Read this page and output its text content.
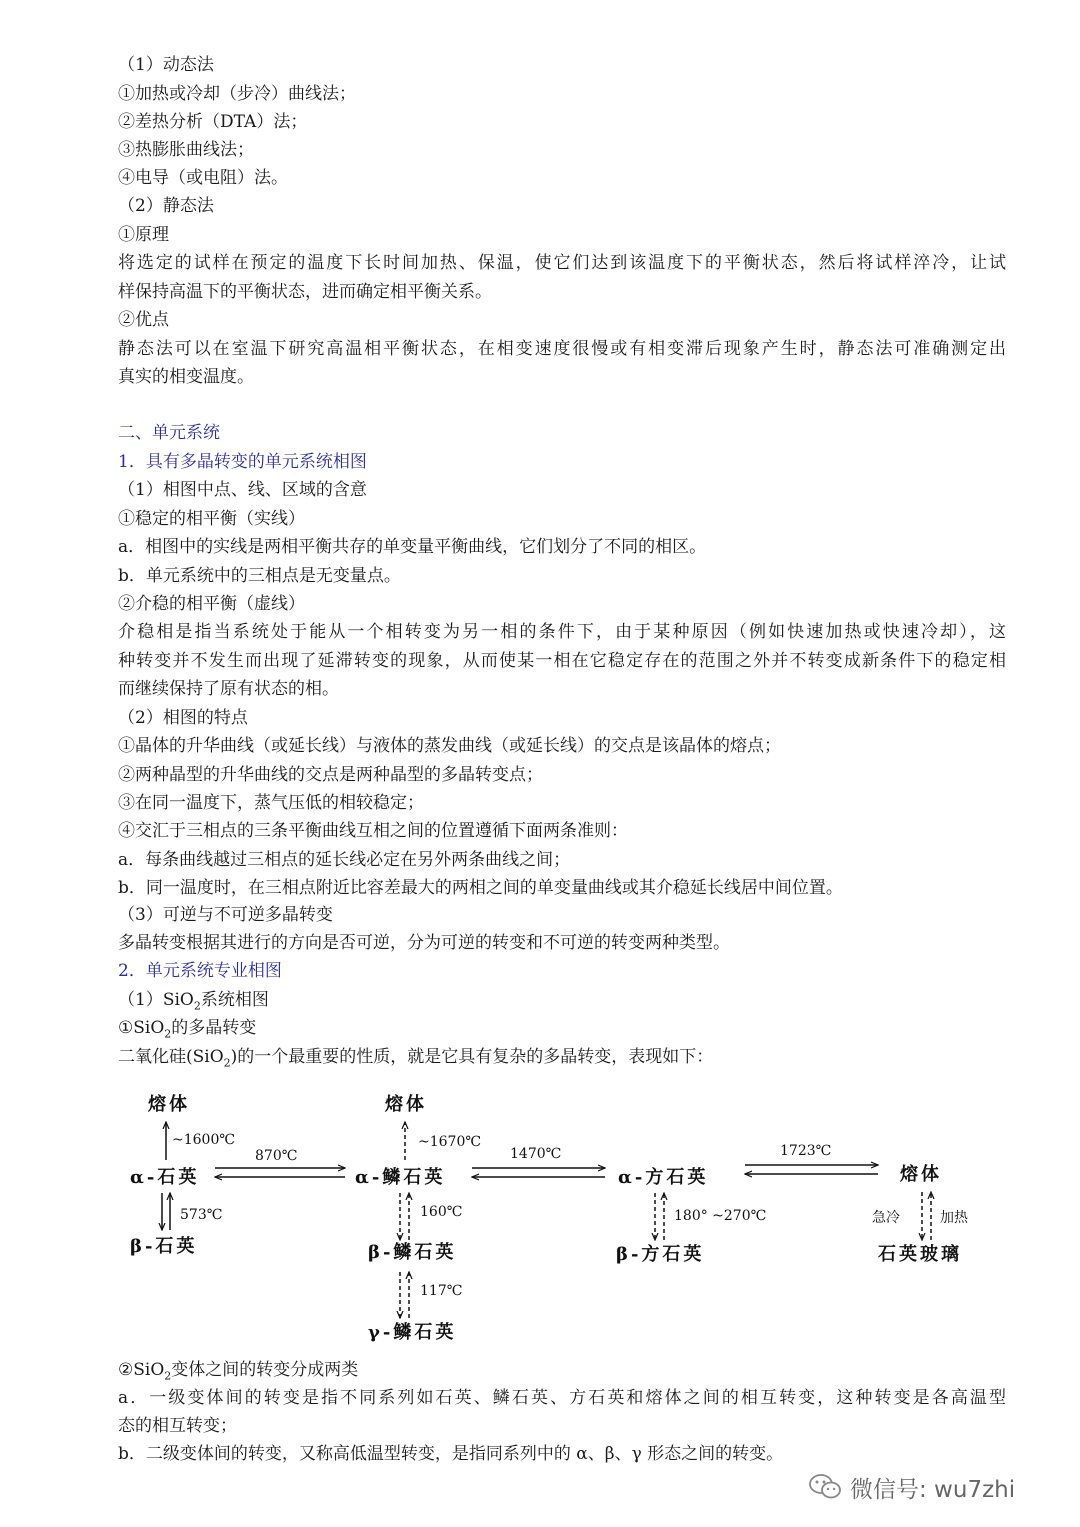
（1）动态法
①加热或冷却（步冷）曲线法；
②差热分析（DTA）法；
③热膨胀曲线法；
④电导（或电阻）法。
（2）静态法
①原理
将选定的试样在预定的温度下长时间加热、保温，使它们达到该温度下的平衡状态，然后将试样淬冷，让试
样保持高温下的平衡状态，进而确定相平衡关系。
②优点
静态法可以在室温下研究高温相平衡状态，在相变速度很慢或有相变滞后现象产生时，静态法可准确测定出
真实的相变温度。
二、单元系统
1．具有多晶转变的单元系统相图
（1）相图中点、线、区域的含意
①稳定的相平衡（实线）
a．相图中的实线是两相平衡共存的单变量平衡曲线，它们划分了不同的相区。
b．单元系统中的三相点是无变量点。
②介稳的相平衡（虚线）
介稳相是指当系统处于能从一个相转变为另一相的条件下，由于某种原因（例如快速加热或快速冷却），这
种转变并不发生而出现了延滞转变的现象，从而使某一相在它稳定存在的范围之外并不转变成新条件下的稳定相
而继续保持了原有状态的相。
（2）相图的特点
①晶体的升华曲线（或延长线）与液体的蒸发曲线（或延长线）的交点是该晶体的熔点；
②两种晶型的升华曲线的交点是两种晶型的多晶转变点；
③在同一温度下，蒸气压低的相较稳定；
④交汇于三相点的三条平衡曲线互相之间的位置遵循下面两条准则：
a．每条曲线越过三相点的延长线必定在另外两条曲线之间；
b．同一温度时，在三相点附近比容差最大的两相之间的单变量曲线或其介稳延长线居中间位置。
（3）可逆与不可逆多晶转变
多晶转变根据其进行的方向是否可逆，分为可逆的转变和不可逆的转变两种类型。
2．单元系统专业相图
（1）SiO$_2$系统相图
①SiO$_2$的多晶转变
二氧化硅(SiO$_2$)的一个最重要的性质，就是它具有复杂的多晶转变，表现如下：
熔体
~1600℃
α-石英
573℃
β-石英
870℃
熔体
~1670℃
α-鳞石英
160℃
β-鳞石英
117℃
γ-鳞石英
1470℃
α-方石英
180° ~270℃
β-方石英
1723℃
熔体
急冷	加热
石英玻璃
②SiO$_2$变体之间的转变分成两类
a．一级变体间的转变是指不同系列如石英、鳞石英、方石英和熔体之间的相互转变，这种转变是各高温型
态的相互转变；
b．二级变体间的转变，又称高低温型转变，是指同系列中的 α、β、γ 形态之间的转变。
微信号: wu7zhi
